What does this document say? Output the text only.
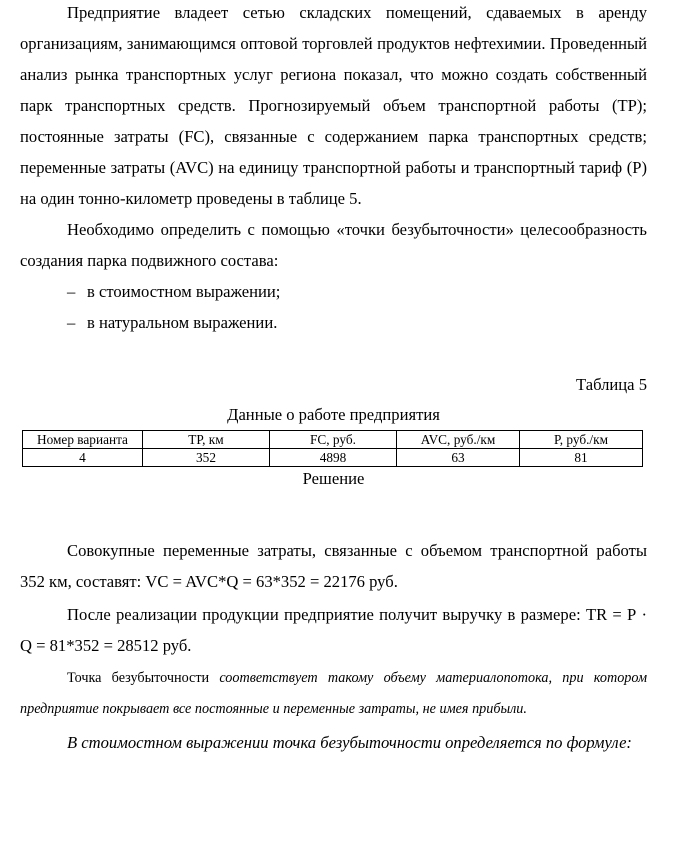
Предприятие владеет сетью складских помещений, сдаваемых в аренду организациям, занимающимся оптовой торговлей продуктов нефтехимии. Проведенный анализ рынка транспортных услуг региона показал, что можно создать собственный парк транспортных средств. Прогнозируемый объем транспортной работы (ТР); постоянные затраты (FC), связанные с содержанием парка транспортных средств; переменные затраты (AVC) на единицу транспортной работы и транспортный тариф (Р) на один тонно-километр проведены в таблице 5.

Необходимо определить с помощью «точки безубыточности» целесообразность создания парка подвижного состава:

– в стоимостном выражении;

– в натуральном выражении.

Таблица 5

Данные о работе предприятия

Номер варианта	ТР, км	FC, руб.	AVC, руб./км	Р, руб./км
4	352	4898	63	81

Решение

Совокупные переменные затраты, связанные с объемом транспортной работы 352 км, составят: VC = AVC*Q = 63*352 = 22176 руб.

После реализации продукции предприятие получит выручку в размере: TR = Р · Q = 81*352 = 28512 руб.

Точка безубыточности соответствует такому объему материалопотока, при котором предприятие покрывает все постоянные и переменные затраты, не имея прибыли.

В стоимостном выражении точка безубыточности определяется по формуле:
